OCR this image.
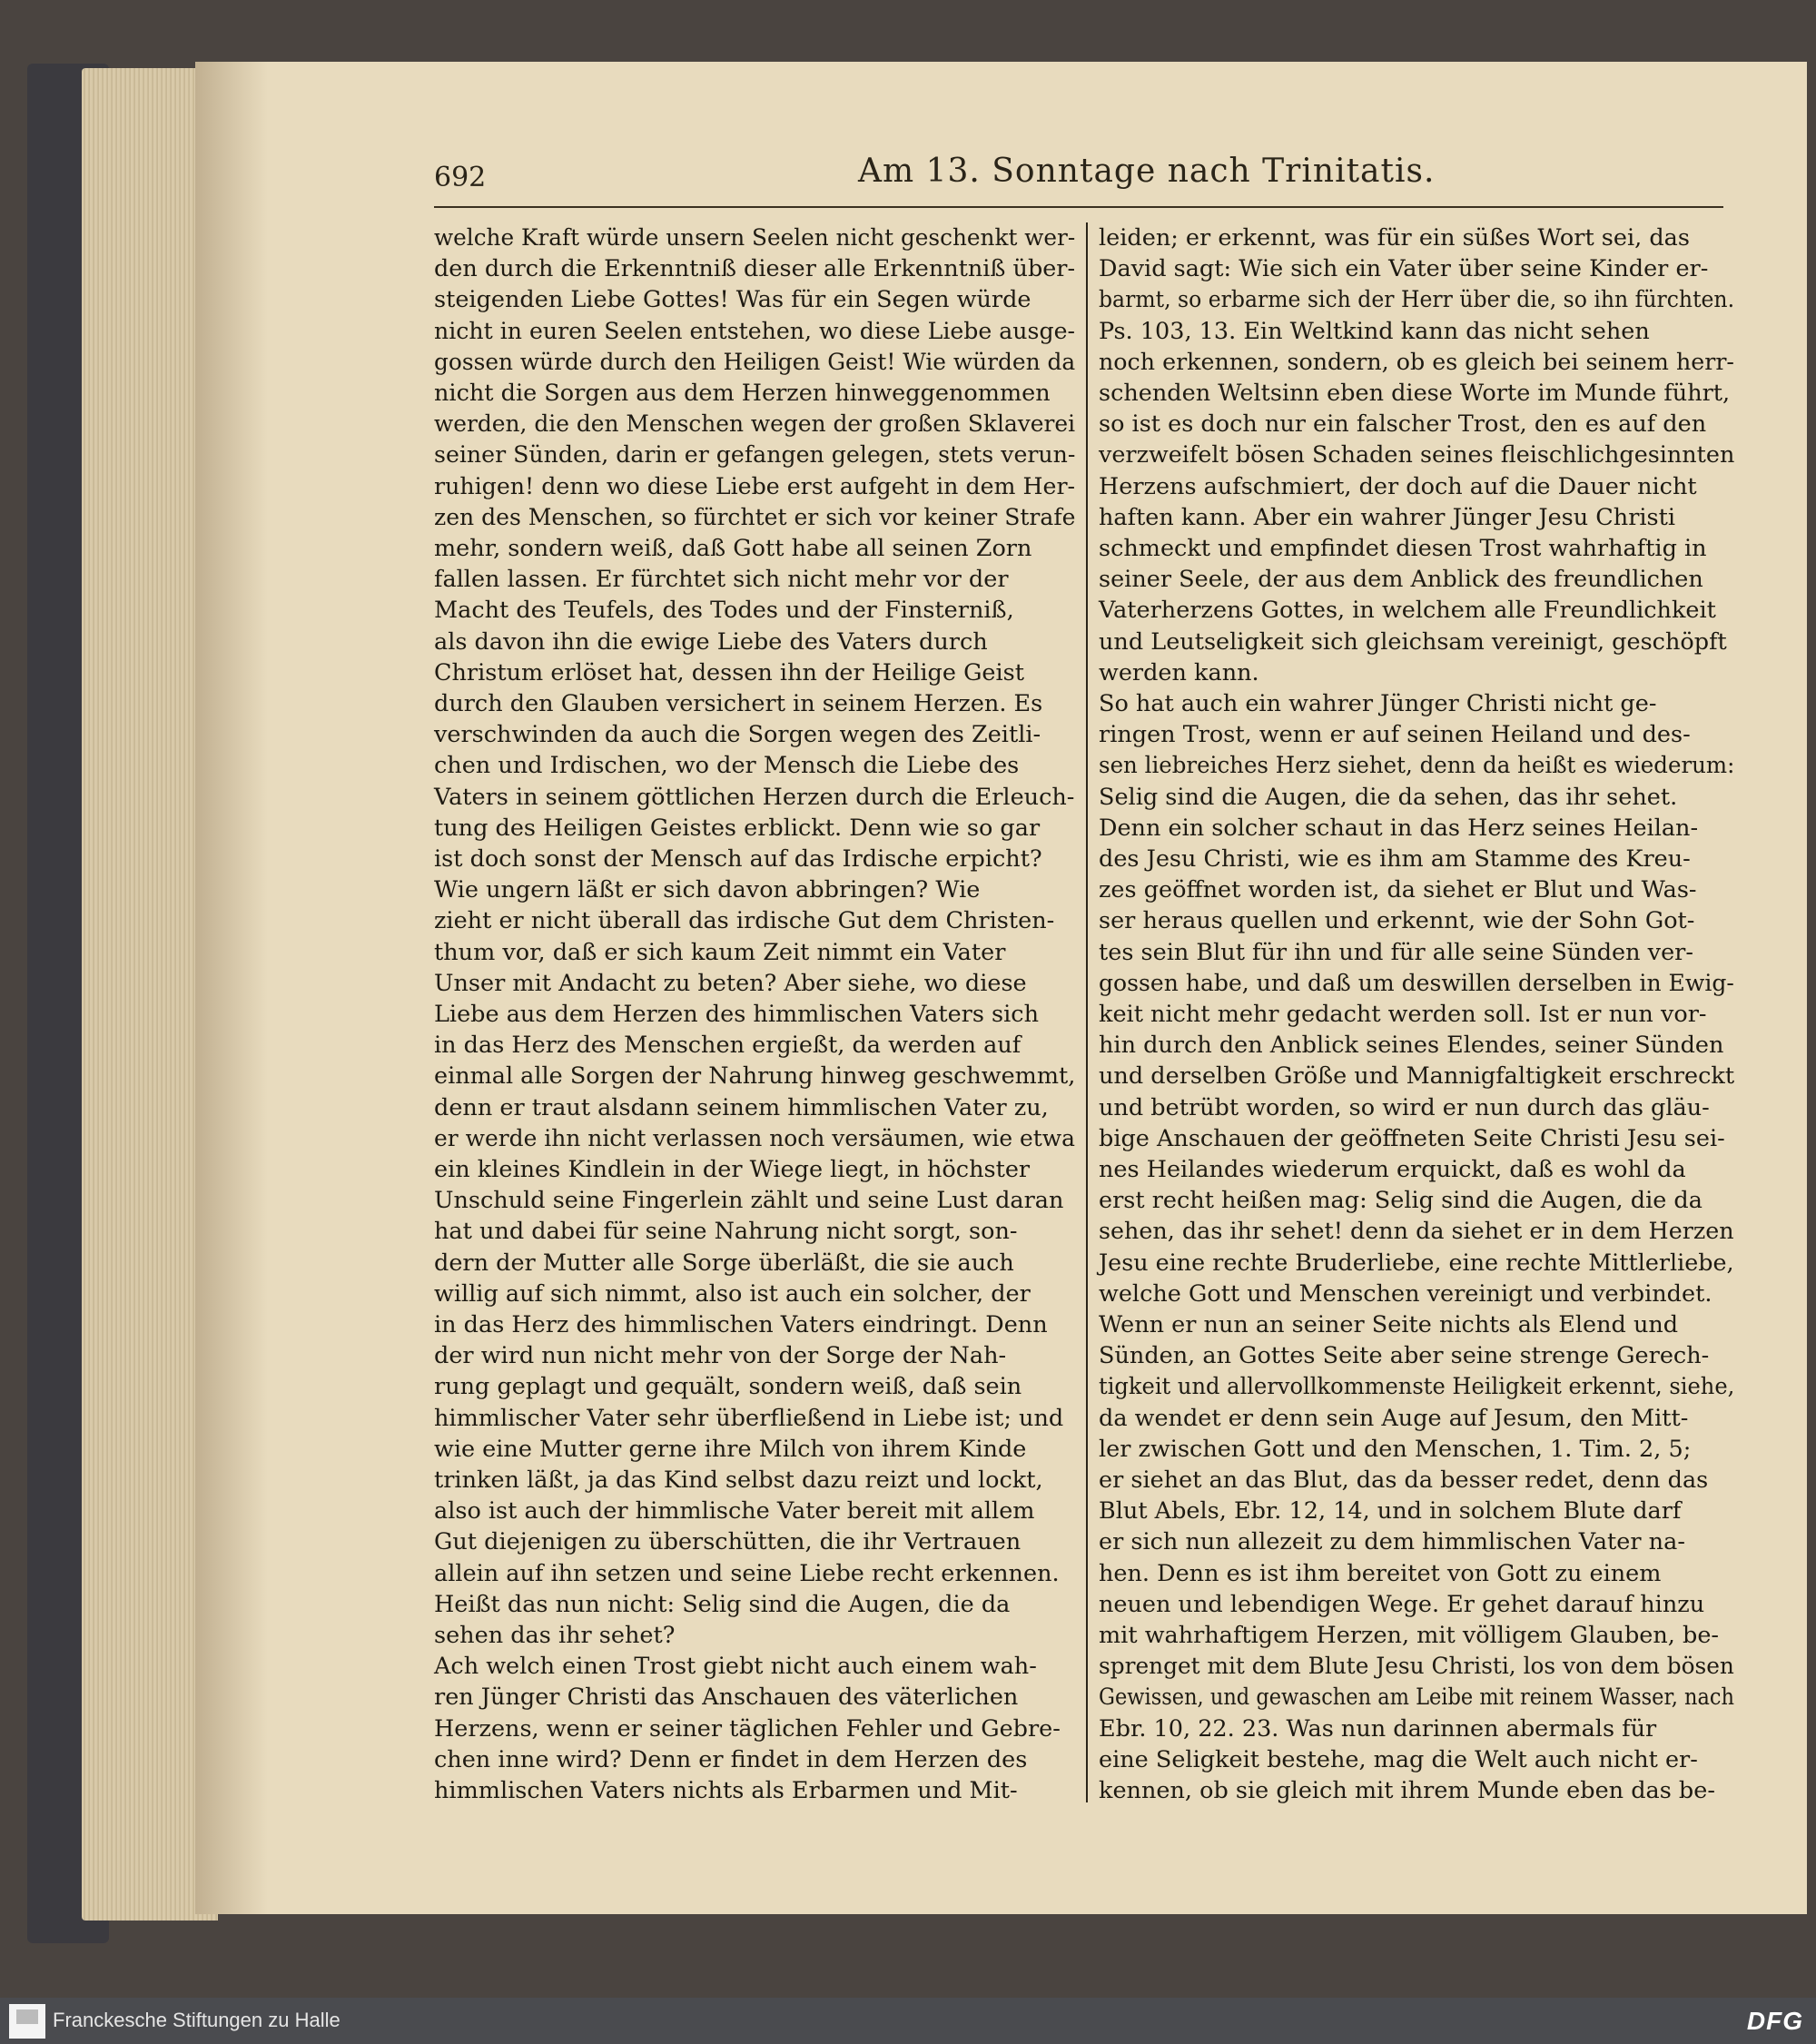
692	Am 13. Sonntage nach Trinitatis.
welche Kraft würde unsern Seelen nicht geschenkt wer-
den durch die Erkenntniß dieser alle Erkenntniß über-
steigenden Liebe Gottes! Was für ein Segen würde
nicht in euren Seelen entstehen, wo diese Liebe ausge-
gossen würde durch den Heiligen Geist! Wie würden da
nicht die Sorgen aus dem Herzen hinweggenommen
werden, die den Menschen wegen der großen Sklaverei
seiner Sünden, darin er gefangen gelegen, stets verun-
ruhigen! denn wo diese Liebe erst aufgeht in dem Her-
zen des Menschen, so fürchtet er sich vor keiner Strafe
mehr, sondern weiß, daß Gott habe all seinen Zorn
fallen lassen. Er fürchtet sich nicht mehr vor der
Macht des Teufels, des Todes und der Finsterniß,
als davon ihn die ewige Liebe des Vaters durch
Christum erlöset hat, dessen ihn der Heilige Geist
durch den Glauben versichert in seinem Herzen. Es
verschwinden da auch die Sorgen wegen des Zeitli-
chen und Irdischen, wo der Mensch die Liebe des
Vaters in seinem göttlichen Herzen durch die Erleuch-
tung des Heiligen Geistes erblickt. Denn wie so gar
ist doch sonst der Mensch auf das Irdische erpicht?
Wie ungern läßt er sich davon abbringen? Wie
zieht er nicht überall das irdische Gut dem Christen-
thum vor, daß er sich kaum Zeit nimmt ein Vater
Unser mit Andacht zu beten? Aber siehe, wo diese
Liebe aus dem Herzen des himmlischen Vaters sich
in das Herz des Menschen ergießt, da werden auf
einmal alle Sorgen der Nahrung hinweg geschwemmt,
denn er traut alsdann seinem himmlischen Vater zu,
er werde ihn nicht verlassen noch versäumen, wie etwa
ein kleines Kindlein in der Wiege liegt, in höchster
Unschuld seine Fingerlein zählt und seine Lust daran
hat und dabei für seine Nahrung nicht sorgt, son-
dern der Mutter alle Sorge überläßt, die sie auch
willig auf sich nimmt, also ist auch ein solcher, der
in das Herz des himmlischen Vaters eindringt. Denn
der wird nun nicht mehr von der Sorge der Nah-
rung geplagt und gequält, sondern weiß, daß sein
himmlischer Vater sehr überfließend in Liebe ist; und
wie eine Mutter gerne ihre Milch von ihrem Kinde
trinken läßt, ja das Kind selbst dazu reizt und lockt,
also ist auch der himmlische Vater bereit mit allem
Gut diejenigen zu überschütten, die ihr Vertrauen
allein auf ihn setzen und seine Liebe recht erkennen.
Heißt das nun nicht: Selig sind die Augen, die da
sehen das ihr sehet?
Ach welch einen Trost giebt nicht auch einem wah-
ren Jünger Christi das Anschauen des väterlichen
Herzens, wenn er seiner täglichen Fehler und Gebre-
chen inne wird? Denn er findet in dem Herzen des
himmlischen Vaters nichts als Erbarmen und Mit-
leiden; er erkennt, was für ein süßes Wort sei, das
David sagt: Wie sich ein Vater über seine Kinder er-
barmt, so erbarme sich der Herr über die, so ihn fürchten.
Ps. 103, 13. Ein Weltkind kann das nicht sehen
noch erkennen, sondern, ob es gleich bei seinem herr-
schenden Weltsinn eben diese Worte im Munde führt,
so ist es doch nur ein falscher Trost, den es auf den
verzweifelt bösen Schaden seines fleischlichgesinnten
Herzens aufschmiert, der doch auf die Dauer nicht
haften kann. Aber ein wahrer Jünger Jesu Christi
schmeckt und empfindet diesen Trost wahrhaftig in
seiner Seele, der aus dem Anblick des freundlichen
Vaterherzens Gottes, in welchem alle Freundlichkeit
und Leutseligkeit sich gleichsam vereinigt, geschöpft
werden kann.
So hat auch ein wahrer Jünger Christi nicht ge-
ringen Trost, wenn er auf seinen Heiland und des-
sen liebreiches Herz siehet, denn da heißt es wiederum:
Selig sind die Augen, die da sehen, das ihr sehet.
Denn ein solcher schaut in das Herz seines Heilan-
des Jesu Christi, wie es ihm am Stamme des Kreu-
zes geöffnet worden ist, da siehet er Blut und Was-
ser heraus quellen und erkennt, wie der Sohn Got-
tes sein Blut für ihn und für alle seine Sünden ver-
gossen habe, und daß um deswillen derselben in Ewig-
keit nicht mehr gedacht werden soll. Ist er nun vor-
hin durch den Anblick seines Elendes, seiner Sünden
und derselben Größe und Mannigfaltigkeit erschreckt
und betrübt worden, so wird er nun durch das gläu-
bige Anschauen der geöffneten Seite Christi Jesu sei-
nes Heilandes wiederum erquickt, daß es wohl da
erst recht heißen mag: Selig sind die Augen, die da
sehen, das ihr sehet! denn da siehet er in dem Herzen
Jesu eine rechte Bruderliebe, eine rechte Mittlerliebe,
welche Gott und Menschen vereinigt und verbindet.
Wenn er nun an seiner Seite nichts als Elend und
Sünden, an Gottes Seite aber seine strenge Gerech-
tigkeit und allervollkommenste Heiligkeit erkennt, siehe,
da wendet er denn sein Auge auf Jesum, den Mitt-
ler zwischen Gott und den Menschen, 1. Tim. 2, 5;
er siehet an das Blut, das da besser redet, denn das
Blut Abels, Ebr. 12, 14, und in solchem Blute darf
er sich nun allezeit zu dem himmlischen Vater na-
hen. Denn es ist ihm bereitet von Gott zu einem
neuen und lebendigen Wege. Er gehet darauf hinzu
mit wahrhaftigem Herzen, mit völligem Glauben, be-
sprenget mit dem Blute Jesu Christi, los von dem bösen
Gewissen, und gewaschen am Leibe mit reinem Wasser, nach
Ebr. 10, 22. 23. Was nun darinnen abermals für
eine Seligkeit bestehe, mag die Welt auch nicht er-
kennen, ob sie gleich mit ihrem Munde eben das be-
Franckesche Stiftungen zu Halle	DFG
